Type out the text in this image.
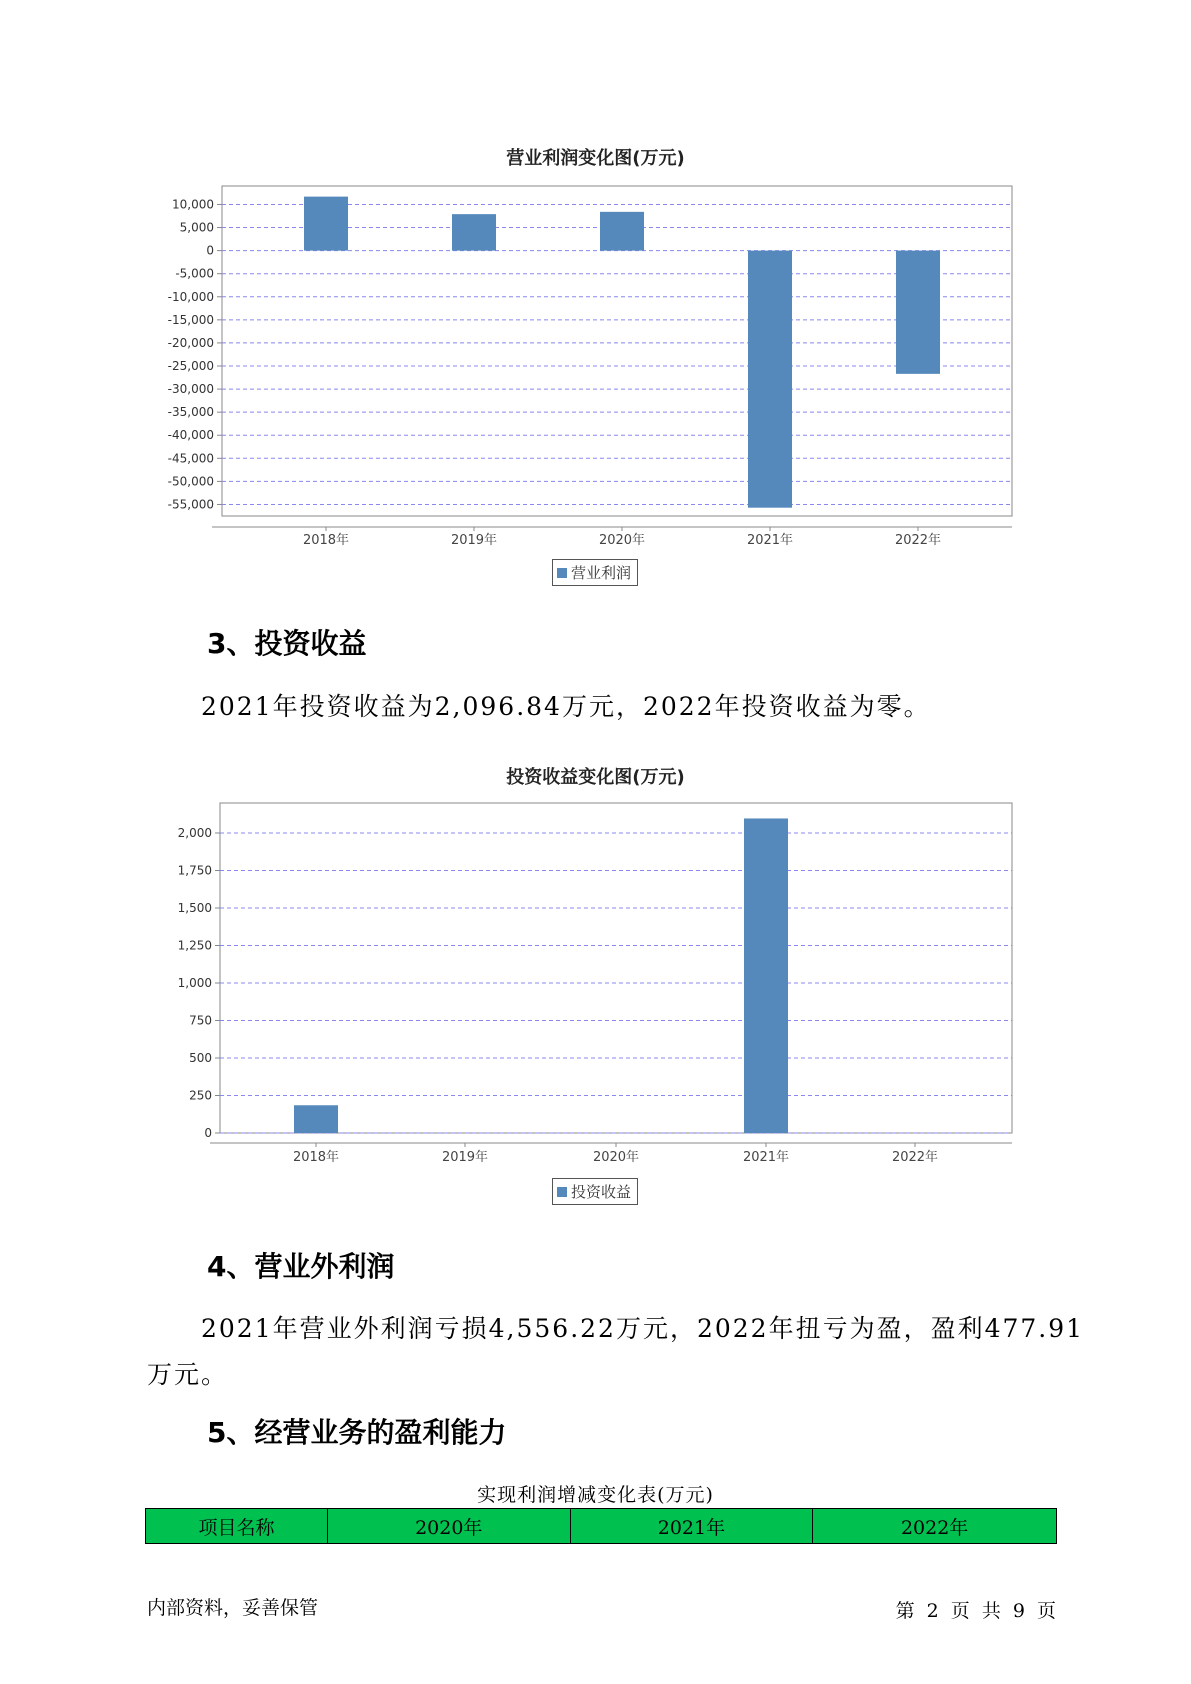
营业利润变化图(万元)
10,000
5,000
0
-5,000
-10,000
-15,000
-20,000
-25,000
-30,000
-35,000
-40,000
-45,000
-50,000
-55,000
2018年	2019年	2020年	2021年	2022年
营业利润
3、投资收益
2021年投资收益为2,096.84万元，2022年投资收益为零。
投资收益变化图(万元)
0
250
500
750
1,000
1,250
1,500
1,750
2,000
2018年	2019年	2020年	2021年	2022年
投资收益
4、营业外利润
2021年营业外利润亏损4,556.22万元，2022年扭亏为盈，盈利477.91
万元。
5、经营业务的盈利能力
实现利润增减变化表(万元)
项目名称	2020年	2021年	2022年
内部资料，妥善保管	第 2 页 共 9 页
